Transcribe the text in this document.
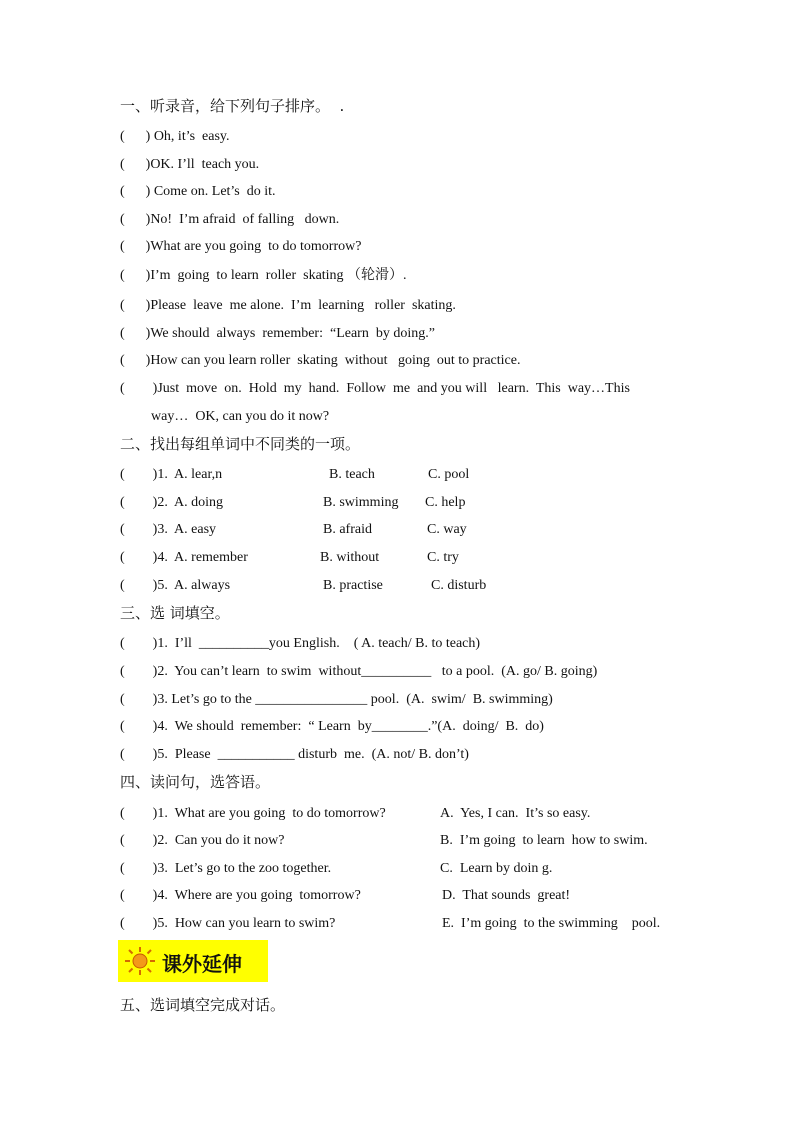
一、听录音，给下列句子排序。  .
(      ) Oh, it’s  easy.
(      )OK. I’ll  teach you.
(      ) Come on. Let’s  do it.
(      )No!  I’m afraid  of falling   down.
(      )What are you going  to do tomorrow?
(      )I’m  going  to learn  roller  skating （轮滑）.
(      )Please  leave  me alone.  I’m  learning   roller  skating.
(      )We should  always  remember:  “Learn  by doing.”
(      )How can you learn roller  skating  without   going  out to practice.
(        )Just  move  on.  Hold  my  hand.  Follow  me  and you will   learn.  This  way…This
way…  OK, can you do it now?
二、找出每组单词中不同类的一项。
(        )1.  A. lear,n	B. teach	C. pool
(        )2.  A. doing	B. swimming C. help
(        )3.  A. easy	B. afraid	C. way
(        )4.  A. remember	B. without	C. try
(        )5.  A. always	B. practise	C. disturb
三、选 词填空。
(        )1.  I’ll  __________you English.    ( A. teach/ B. to teach)
(        )2.  You can’t learn  to swim  without__________   to a pool.  (A. go/ B. going)
(        )3. Let’s go to the ________________ pool.  (A.  swim/  B. swimming)
(        )4.  We should  remember:  “ Learn  by________.”(A.  doing/  B.  do)
(        )5.  Please  ___________ disturb  me.  (A. not/ B. don’t)
四、读问句，选答语。
(        )1.  What are you going  to do tomorrow?	A.  Yes, I can.  It’s so easy.
(        )2.  Can you do it now?	B.  I’m going  to learn  how to swim.
(        )3.  Let’s go to the zoo together.	C.  Learn by doin g.
(        )4.  Where are you going  tomorrow?	D.  That sounds  great!
(        )5.  How can you learn to swim?	E.  I’m going  to the swimming    pool.
课外延伸
五、选词填空完成对话。
